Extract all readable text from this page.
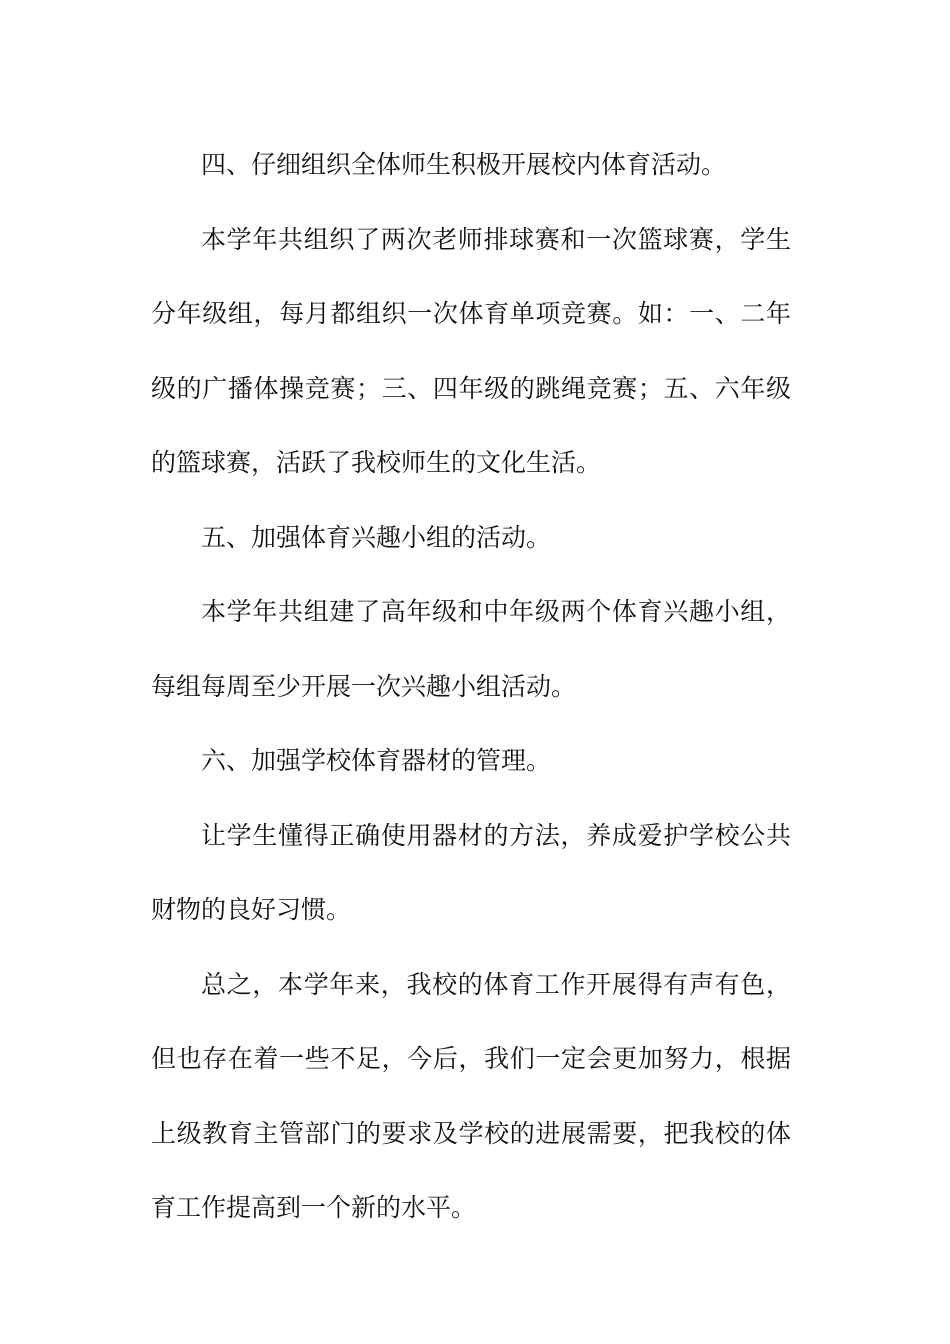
四、仔细组织全体师生积极开展校内体育活动。

本学年共组织了两次老师排球赛和一次篮球赛，学生分年级组，每月都组织一次体育单项竞赛。如：一、二年级的广播体操竞赛；三、四年级的跳绳竞赛；五、六年级的篮球赛，活跃了我校师生的文化生活。

五、加强体育兴趣小组的活动。

本学年共组建了高年级和中年级两个体育兴趣小组，每组每周至少开展一次兴趣小组活动。

六、加强学校体育器材的管理。

让学生懂得正确使用器材的方法，养成爱护学校公共财物的良好习惯。

总之，本学年来，我校的体育工作开展得有声有色，但也存在着一些不足，今后，我们一定会更加努力，根据上级教育主管部门的要求及学校的进展需要，把我校的体育工作提高到一个新的水平。
